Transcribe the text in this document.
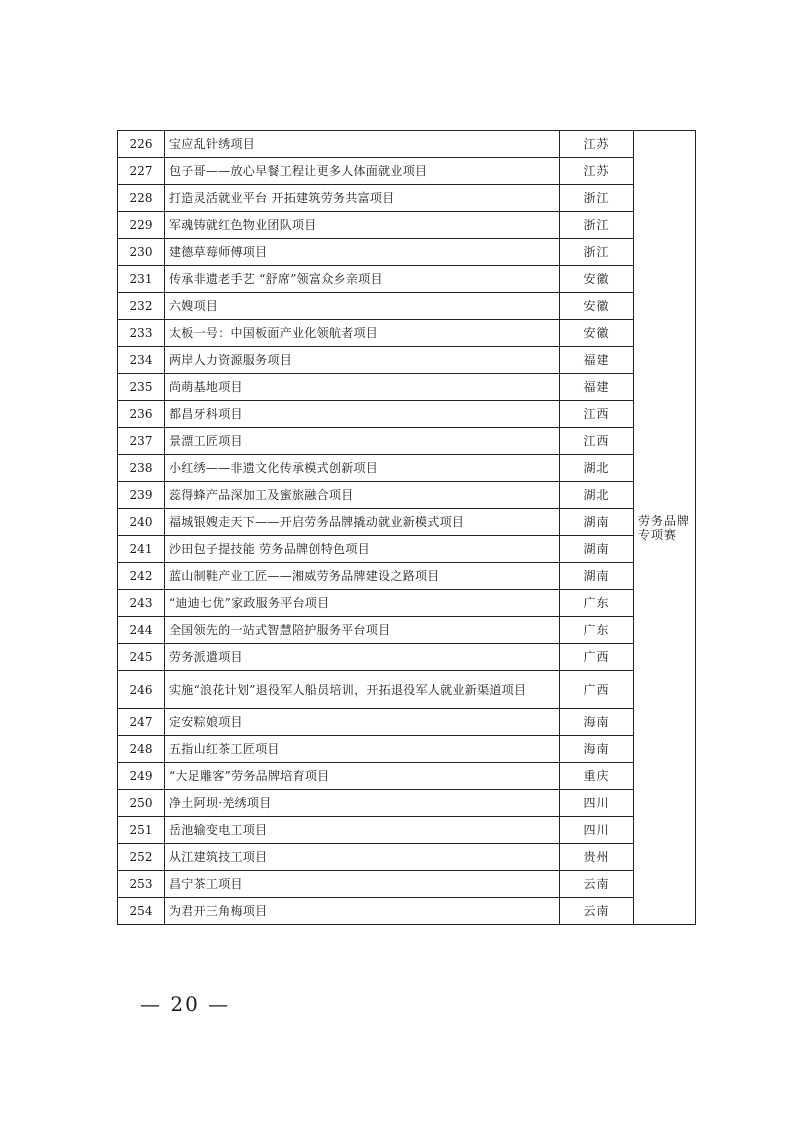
226	宝应乱针绣项目	江苏	劳务品牌专项赛
227	包子哥——放心早餐工程让更多人体面就业项目	江苏	
228	打造灵活就业平台 开拓建筑劳务共富项目	浙江	
229	军魂铸就红色物业团队项目	浙江	
230	建德草莓师傅项目	浙江	
231	传承非遗老手艺 “舒席”领富众乡亲项目	安徽	
232	六嫂项目	安徽	
233	太板一号：中国板面产业化领航者项目	安徽	
234	两岸人力资源服务项目	福建	
235	尚萌基地项目	福建	
236	都昌牙科项目	江西	
237	景漂工匠项目	江西	
238	小红绣——非遗文化传承模式创新项目	湖北	
239	蕊得蜂产品深加工及蜜旅融合项目	湖北	
240	福城银嫂走天下——开启劳务品牌撬动就业新模式项目	湖南	
241	沙田包子提技能 劳务品牌创特色项目	湖南	
242	蓝山制鞋产业工匠——湘威劳务品牌建设之路项目	湖南	
243	“迪迪七优”家政服务平台项目	广东	
244	全国领先的一站式智慧陪护服务平台项目	广东	
245	劳务派遣项目	广西	
246	实施“浪花计划”退役军人船员培训，开拓退役军人就业新渠道项目	广西	
247	定安粽娘项目	海南	
248	五指山红茶工匠项目	海南	
249	“大足雕客”劳务品牌培育项目	重庆	
250	净土阿坝·羌绣项目	四川	
251	岳池输变电工项目	四川	
252	从江建筑技工项目	贵州	
253	昌宁茶工项目	云南	
254	为君开三角梅项目	云南	
— 20 —
